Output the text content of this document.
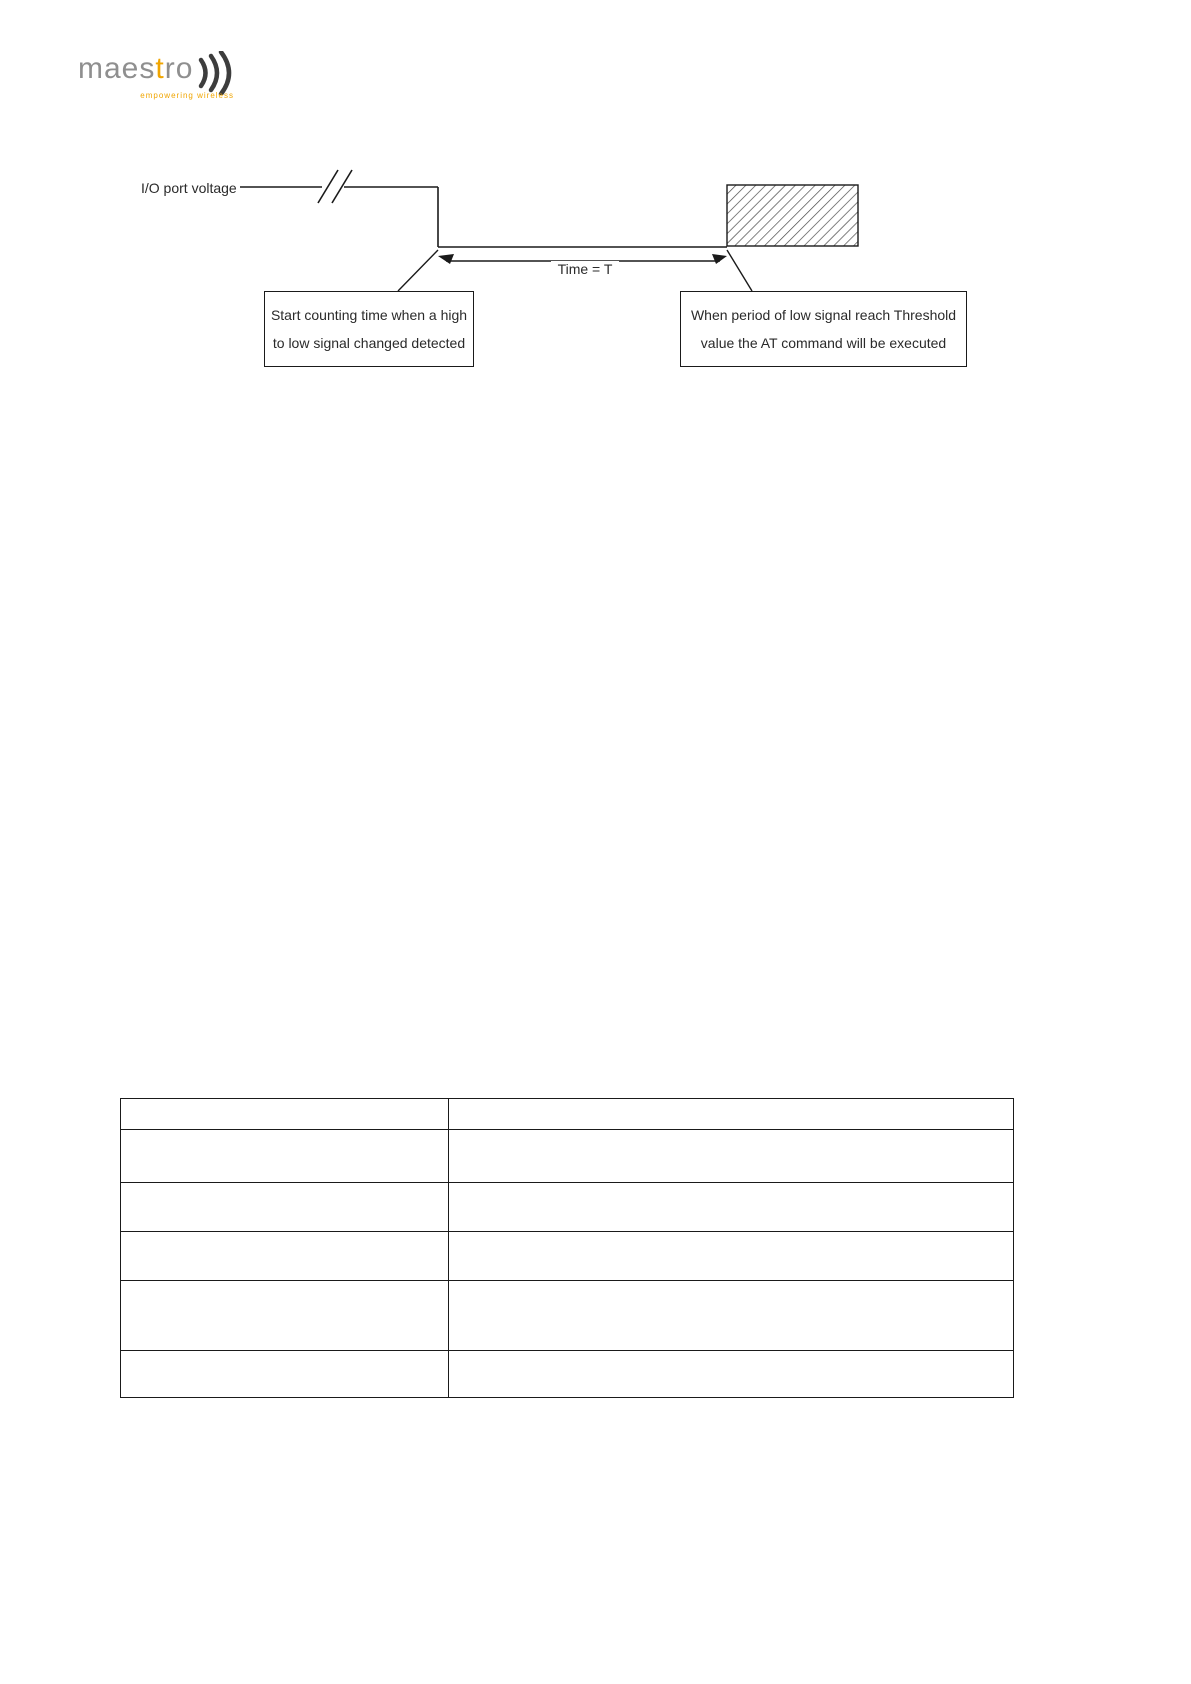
maestro
empowering wireless
I/O port voltage
Time = T
Start counting time when a high
to low signal changed detected
When period of low signal reach Threshold
value the AT command will be executed
